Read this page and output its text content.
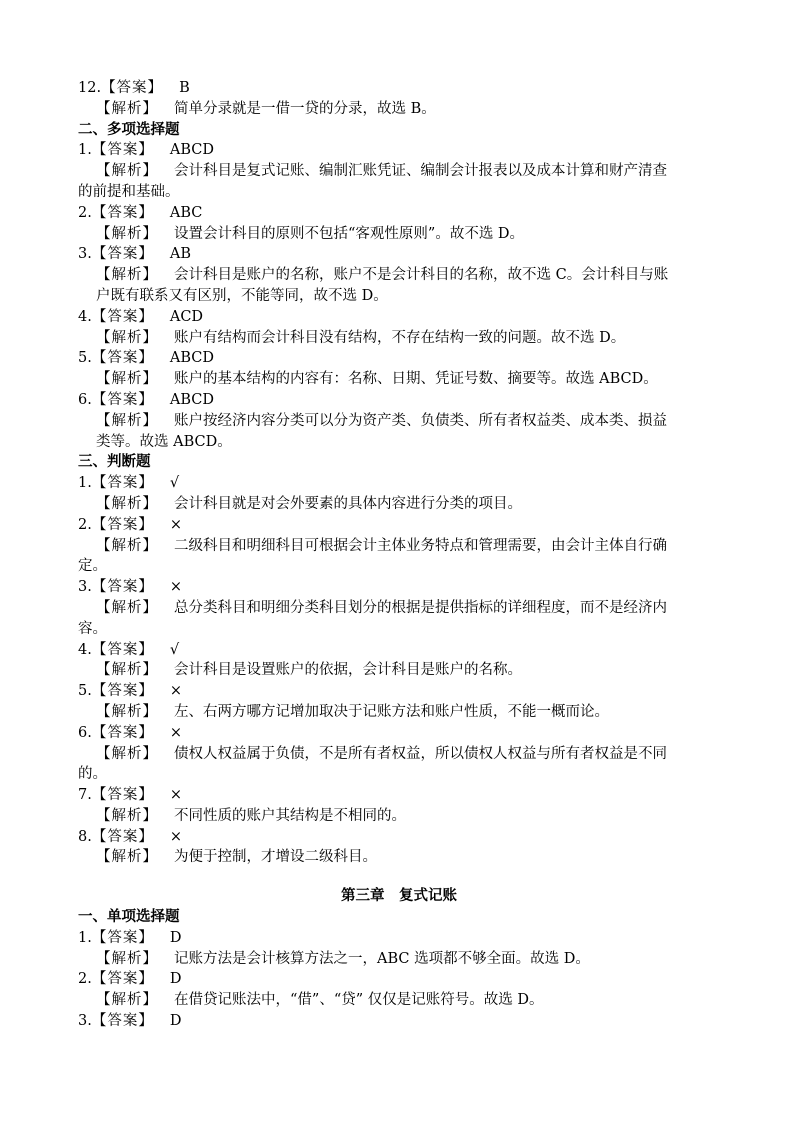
12.【答案】 B
【解析】 简单分录就是一借一贷的分录，故选 B。
二、多项选择题
1.【答案】 ABCD
【解析】 会计科目是复式记账、编制汇账凭证、编制会计报表以及成本计算和财产清查
的前提和基础。
2.【答案】 ABC
【解析】 设置会计科目的原则不包括“客观性原则”。故不选 D。
3.【答案】 AB
【解析】 会计科目是账户的名称，账户不是会计科目的名称，故不选 C。会计科目与账
户既有联系又有区别，不能等同，故不选 D。
4.【答案】 ACD
【解析】 账户有结构而会计科目没有结构，不存在结构一致的问题。故不选 D。
5.【答案】 ABCD
【解析】 账户的基本结构的内容有：名称、日期、凭证号数、摘要等。故选 ABCD。
6.【答案】 ABCD
【解析】 账户按经济内容分类可以分为资产类、负债类、所有者权益类、成本类、损益
类等。故选 ABCD。
三、判断题
1.【答案】 √
【解析】 会计科目就是对会外要素的具体内容进行分类的项目。
2.【答案】 ×
【解析】 二级科目和明细科目可根据会计主体业务特点和管理需要，由会计主体自行确
定。
3.【答案】 ×
【解析】 总分类科目和明细分类科目划分的根据是提供指标的详细程度，而不是经济内
容。
4.【答案】 √
【解析】 会计科目是设置账户的依据，会计科目是账户的名称。
5.【答案】 ×
【解析】 左、右两方哪方记增加取决于记账方法和账户性质，不能一概而论。
6.【答案】 ×
【解析】 债权人权益属于负债，不是所有者权益，所以债权人权益与所有者权益是不同
的。
7.【答案】 ×
【解析】 不同性质的账户其结构是不相同的。
8.【答案】 ×
【解析】 为便于控制，才增设二级科目。
第三章　复式记账
一、单项选择题
1.【答案】 D
【解析】 记账方法是会计核算方法之一，ABC 选项都不够全面。故选 D。
2.【答案】 D
【解析】 在借贷记账法中，“借”、“贷” 仅仅是记账符号。故选 D。
3.【答案】 D
